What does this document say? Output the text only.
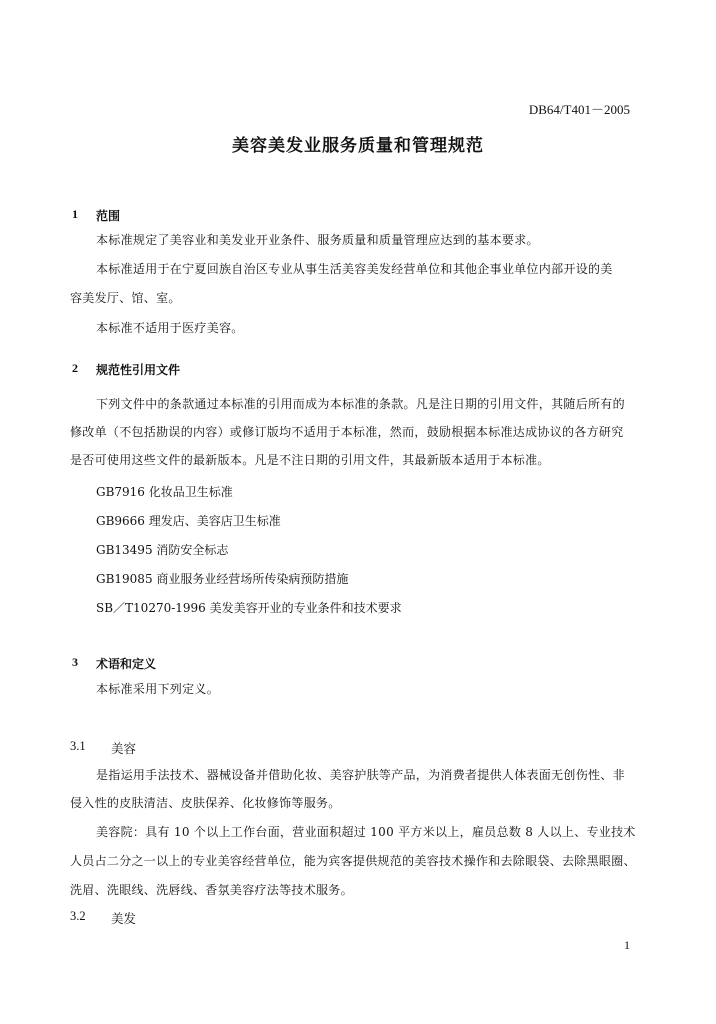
DB64/T401－2005
美容美发业服务质量和管理规范
1 范围
本标准规定了美容业和美发业开业条件、服务质量和质量管理应达到的基本要求。
本标准适用于在宁夏回族自治区专业从事生活美容美发经营单位和其他企事业单位内部开设的美
容美发厅、馆、室。
本标准不适用于医疗美容。
2 规范性引用文件
下列文件中的条款通过本标准的引用而成为本标准的条款。凡是注日期的引用文件，其随后所有的
修改单（不包括勘误的内容）或修订版均不适用于本标准，然而，鼓励根据本标准达成协议的各方研究
是否可使用这些文件的最新版本。凡是不注日期的引用文件，其最新版本适用于本标准。
GB7916 化妆品卫生标准
GB9666 理发店、美容店卫生标准
GB13495 消防安全标志
GB19085 商业服务业经营场所传染病预防措施
SB／T10270-1996 美发美容开业的专业条件和技术要求
3 术语和定义
本标准采用下列定义。
3.1 美容
是指运用手法技术、器械设备并借助化妆、美容护肤等产品，为消费者提供人体表面无创伤性、非
侵入性的皮肤清洁、皮肤保养、化妆修饰等服务。
美容院：具有 10 个以上工作台面，营业面积超过 100 平方米以上，雇员总数 8 人以上、专业技术
人员占二分之一以上的专业美容经营单位，能为宾客提供规范的美容技术操作和去除眼袋、去除黑眼圈、
洗眉、洗眼线、洗唇线、香氛美容疗法等技术服务。
3.2 美发
1
